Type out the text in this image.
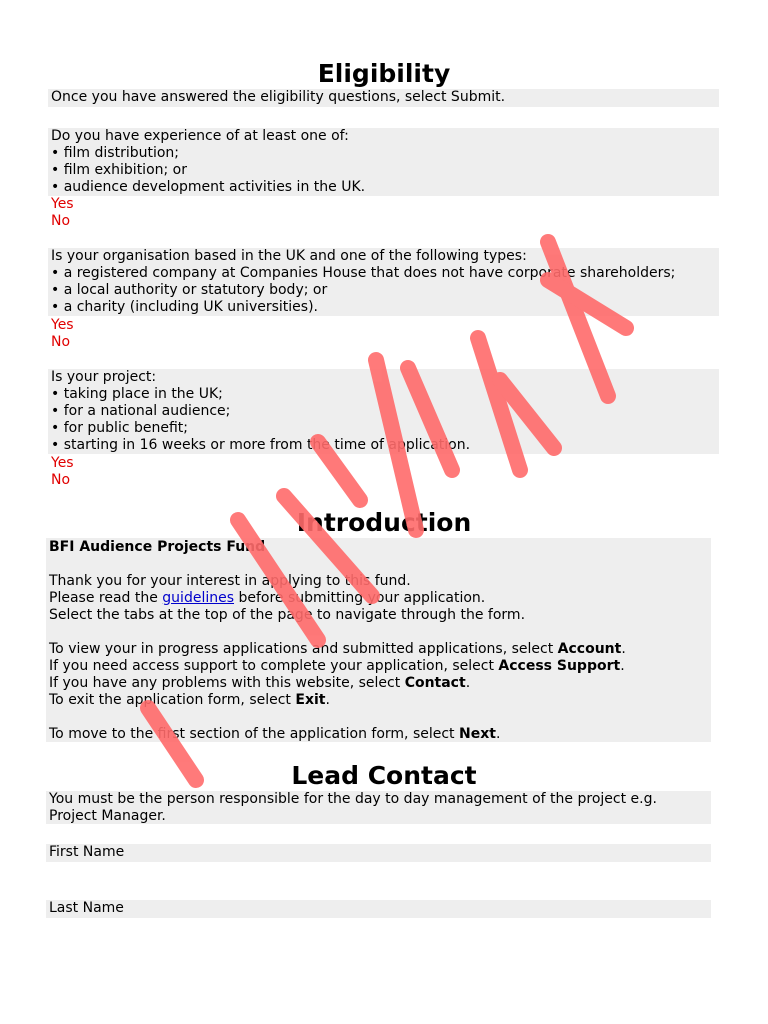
Eligibility
Once you have answered the eligibility questions, select Submit.
Do you have experience of at least one of:
• film distribution;
• film exhibition; or
• audience development activities in the UK.
Yes
No
Is your organisation based in the UK and one of the following types:
• a registered company at Companies House that does not have corporate shareholders;
• a local authority or statutory body; or
• a charity (including UK universities).
Yes
No
Is your project:
• taking place in the UK;
• for a national audience;
• for public benefit;
• starting in 16 weeks or more from the time of application.
Yes
No
Introduction
BFI Audience Projects Fund

Thank you for your interest in applying to this fund.
Please read the guidelines before submitting your application.
Select the tabs at the top of the page to navigate through the form.

To view your in progress applications and submitted applications, select Account.
If you need access support to complete your application, select Access Support.
If you have any problems with this website, select Contact.
To exit the application form, select Exit.

To move to the first section of the application form, select Next.
Lead Contact
You must be the person responsible for the day to day management of the project e.g.
Project Manager.
First Name
Last Name
